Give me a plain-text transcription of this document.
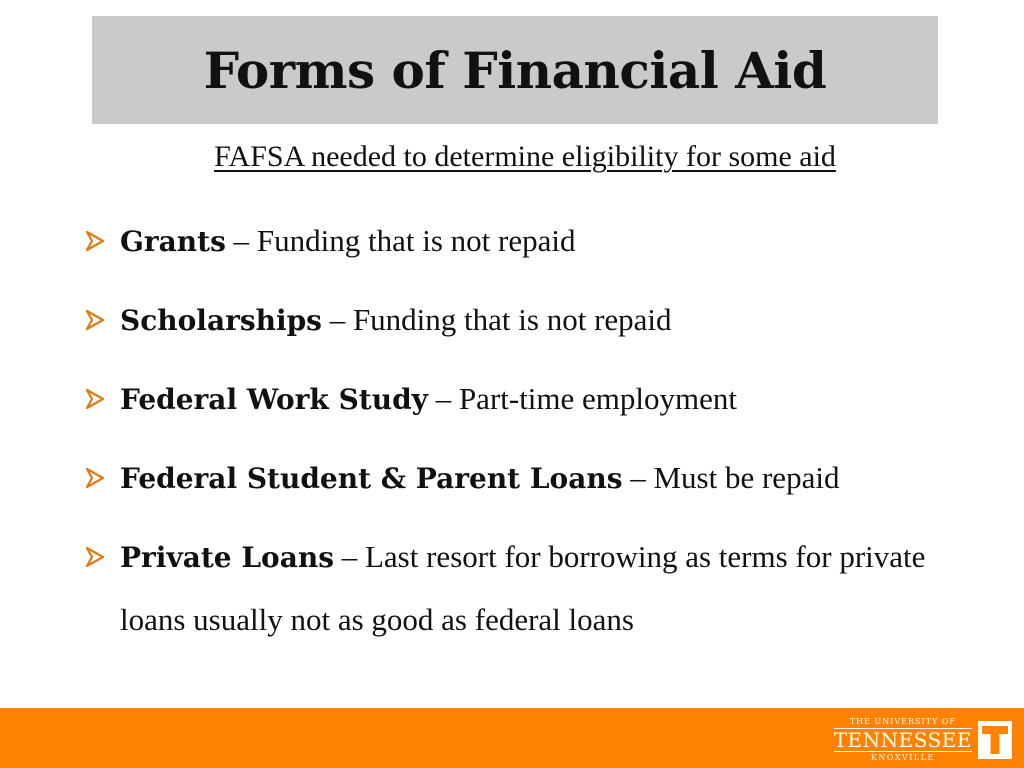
Forms of Financial Aid
FAFSA needed to determine eligibility for some aid
Grants – Funding that is not repaid
Scholarships – Funding that is not repaid
Federal Work Study – Part-time employment
Federal Student & Parent Loans – Must be repaid
Private Loans – Last resort for borrowing as terms for private loans usually not as good as federal loans
THE UNIVERSITY OF
TENNESSEE
KNOXVILLE
